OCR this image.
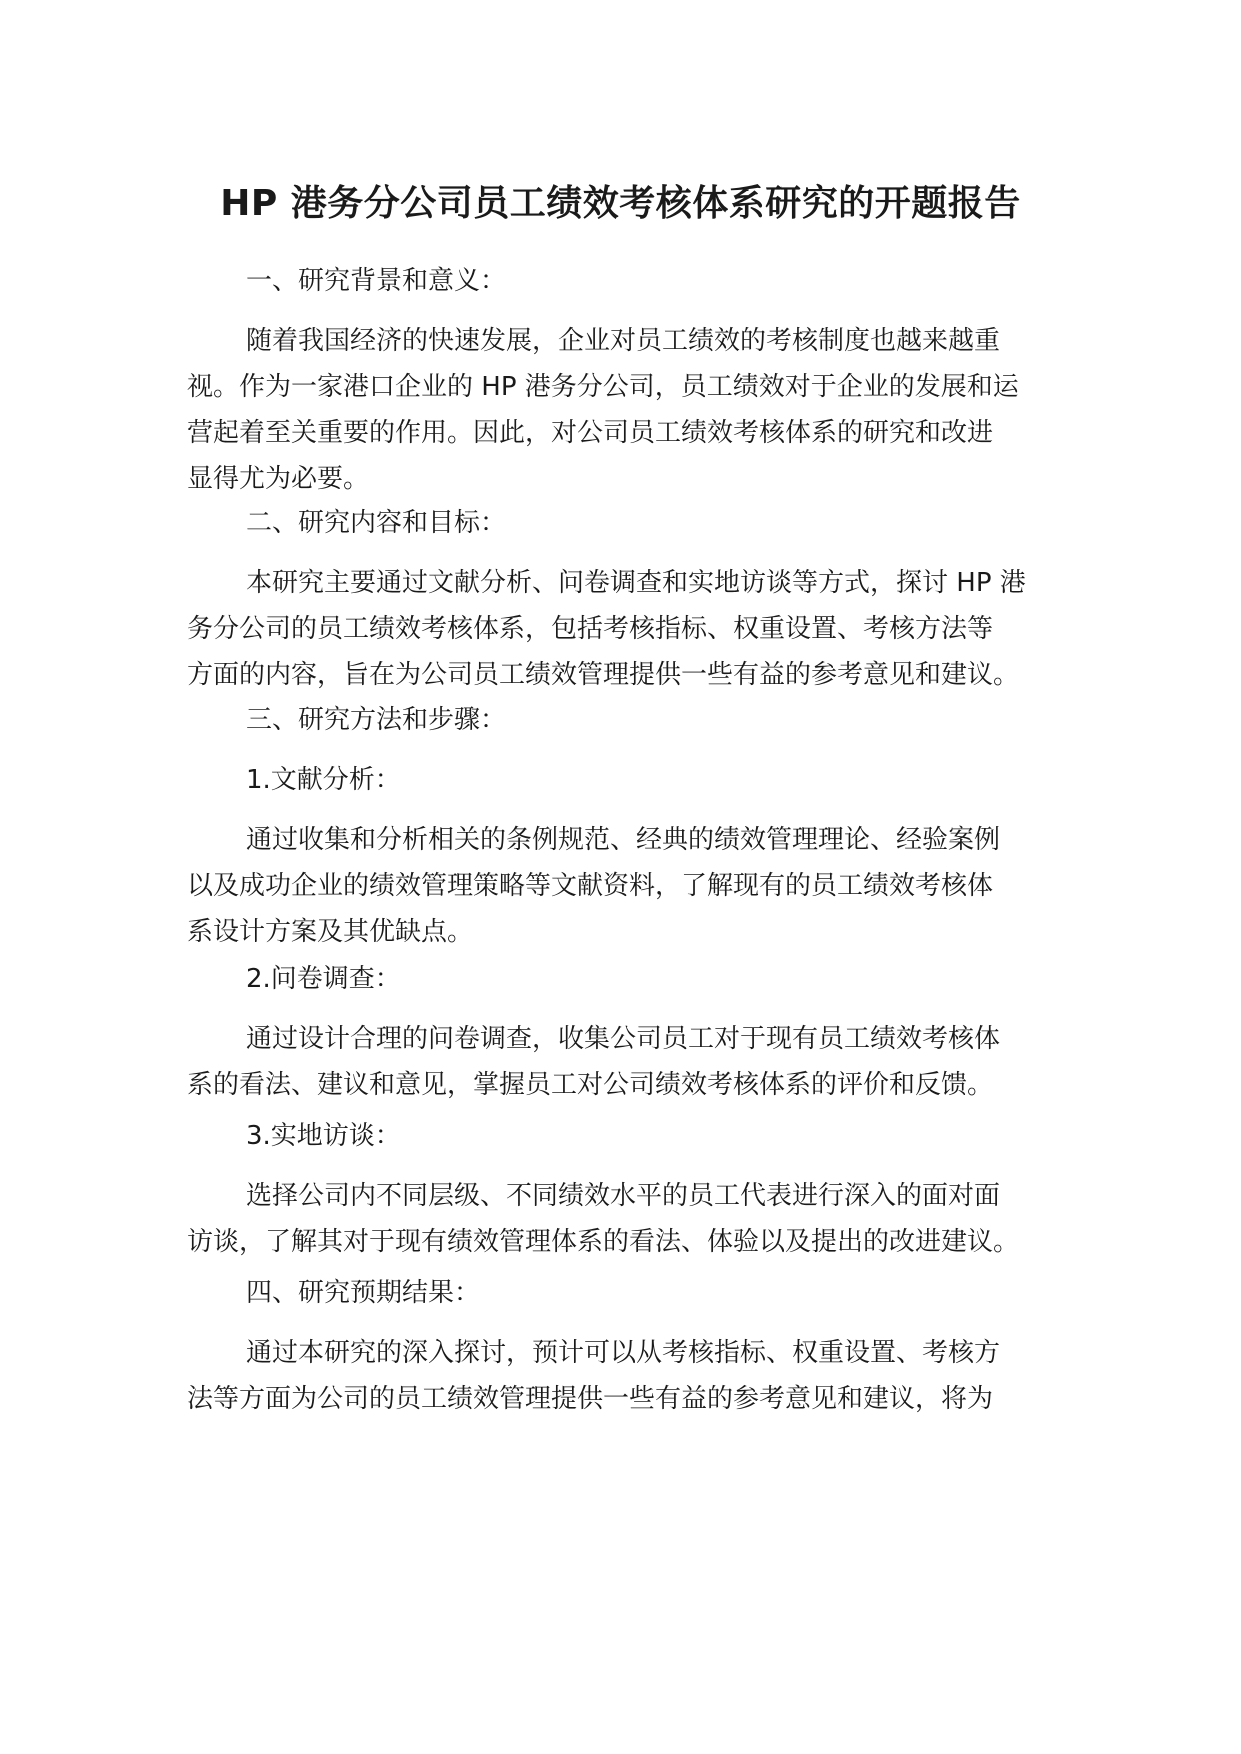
HP 港务分公司员工绩效考核体系研究的开题报告
一、研究背景和意义：
随着我国经济的快速发展，企业对员工绩效的考核制度也越来越重
视。作为一家港口企业的 HP 港务分公司，员工绩效对于企业的发展和运
营起着至关重要的作用。因此，对公司员工绩效考核体系的研究和改进
显得尤为必要。
二、研究内容和目标：
本研究主要通过文献分析、问卷调查和实地访谈等方式，探讨 HP 港
务分公司的员工绩效考核体系，包括考核指标、权重设置、考核方法等
方面的内容，旨在为公司员工绩效管理提供一些有益的参考意见和建议。
三、研究方法和步骤：
1.文献分析：
通过收集和分析相关的条例规范、经典的绩效管理理论、经验案例
以及成功企业的绩效管理策略等文献资料，了解现有的员工绩效考核体
系设计方案及其优缺点。
2.问卷调查：
通过设计合理的问卷调查，收集公司员工对于现有员工绩效考核体
系的看法、建议和意见，掌握员工对公司绩效考核体系的评价和反馈。
3.实地访谈：
选择公司内不同层级、不同绩效水平的员工代表进行深入的面对面
访谈，了解其对于现有绩效管理体系的看法、体验以及提出的改进建议。
四、研究预期结果：
通过本研究的深入探讨，预计可以从考核指标、权重设置、考核方
法等方面为公司的员工绩效管理提供一些有益的参考意见和建议，将为
